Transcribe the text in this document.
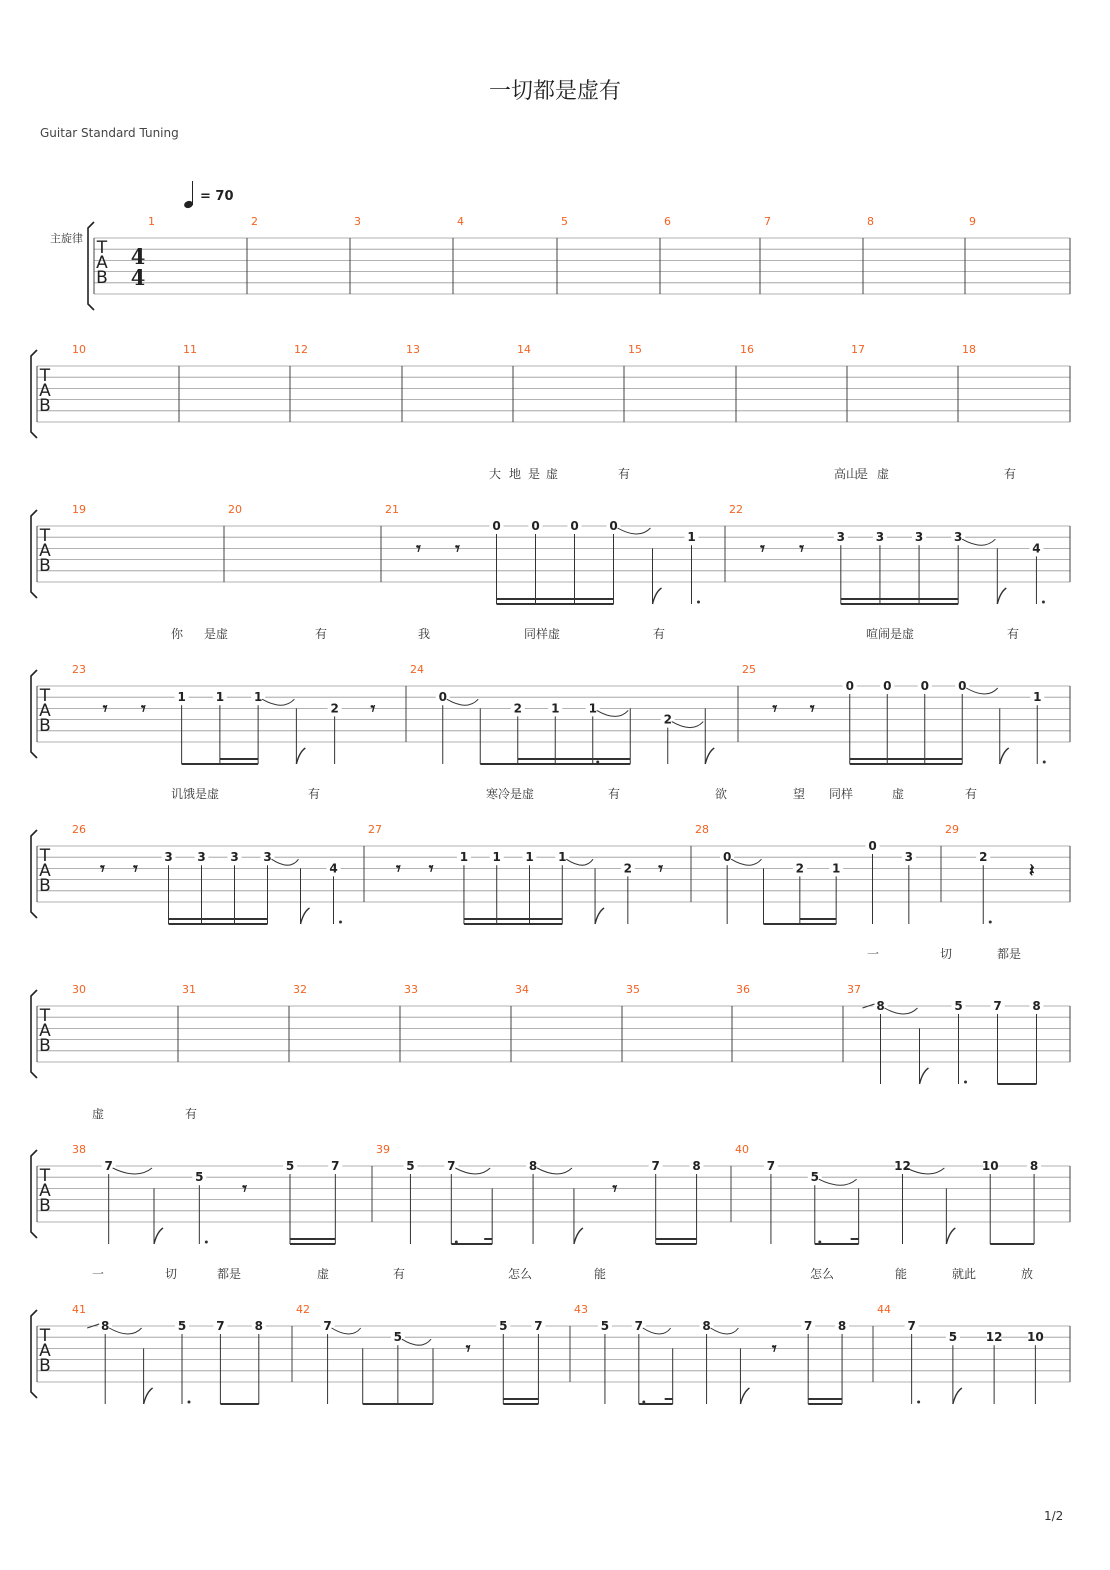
一切都是虚有
Guitar Standard Tuning
= 70
主旋律
1/2
T
A
B
4
4
1	2	3	4	5	6	7	8	9
T
A
B
10	11	12	13	14	15	16	17	18
T
A
B
19	20	21
𝄾 𝄾
0	0	0	0
1
22
𝄾 𝄾
3	3	3	3
4
大 地 是 虚	有	高山
是 虚	有
T
A
B
23
𝄾 𝄾
1 1 1
2 𝄾
24
0
2 1 1
2
25
𝄾 𝄾
0 0 0 0
1
你 是虚	有	我	同样虚	有	喧闹是虚	有
T
A
B
26
𝄾 𝄾
3 3 3 3
4
27
𝄾 𝄾
1 1 1 1
2 𝄾
28
0
2 1
0
3
29
2
𝄽
讥饿是虚	有	寒冷是虚	有	欲	望 同样	虚	有
T
A
B
30	31	32	33	34	35	36	37
8	5	7	8
一	切	都是
T
A
B
38
7
5
𝄾
5	7
39
5	7	8
𝄾
7	8
40
7
5
12	10	8
虚	有
T
A
B
41
8	5	7	8
42
7
5
𝄾
5 7
43
5 7	8
𝄾
7 8
44
7
5 12 10
一	切	都是	虚	有	怎么	能	怎么	能	就此	放
